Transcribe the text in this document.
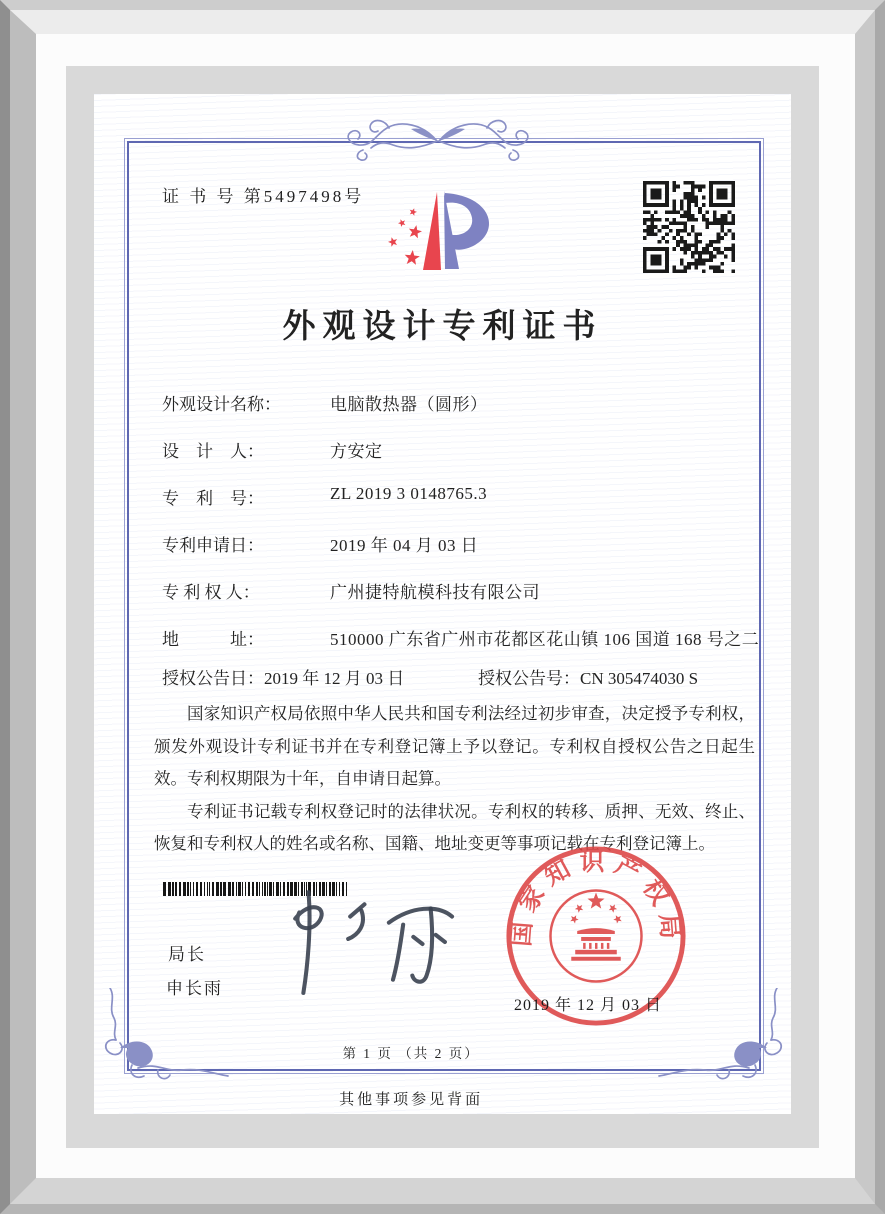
证 书 号 第5497498号
外观设计专利证书
外观设计名称：	电脑散热器（圆形）
设　计　人：	方安定
专　利　号：	ZL 2019 3 0148765.3
专利申请日：	2019 年 04 月 03 日
专 利 权 人：	广州捷特航模科技有限公司
地　　　址：	510000 广东省广州市花都区花山镇 106 国道 168 号之二
授权公告日：2019 年 12 月 03 日	授权公告号：CN 305474030 S

国家知识产权局依照中华人民共和国专利法经过初步审查，决定授予专利权，颁发外观设计专利证书并在专利登记簿上予以登记。专利权自授权公告之日起生效。专利权期限为十年，自申请日起算。

专利证书记载专利权登记时的法律状况。专利权的转移、质押、无效、终止、恢复和专利权人的姓名或名称、国籍、地址变更等事项记载在专利登记簿上。

局长
申长雨
国家知识产权局
2019 年 12 月 03 日
第 1 页 （共 2 页）
其他事项参见背面
